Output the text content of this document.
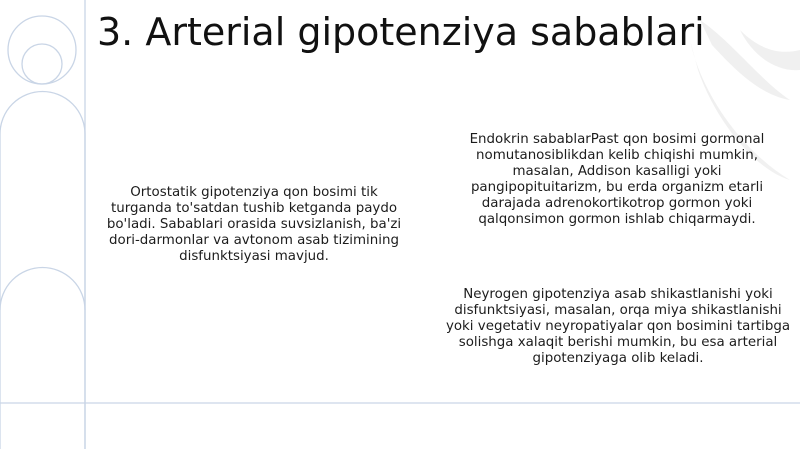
3. Arterial gipotenziya sabablari

Ortostatik gipotenziya qon bosimi tik turganda to'satdan tushib ketganda paydo bo'ladi. Sabablari orasida suvsizlanish, ba'zi dori-darmonlar va avtonom asab tizimining disfunktsiyasi mavjud.

Endokrin sabablarPast qon bosimi gormonal nomutanosiblikdan kelib chiqishi mumkin, masalan, Addison kasalligi yoki pangipopituitarizm, bu erda organizm etarli darajada adrenokortikotrop gormon yoki qalqonsimon gormon ishlab chiqarmaydi.

Neyrogen gipotenziya asab shikastlanishi yoki disfunktsiyasi, masalan, orqa miya shikastlanishi yoki vegetativ neyropatiyalar qon bosimini tartibga solishga xalaqit berishi mumkin, bu esa arterial gipotenziyaga olib keladi.
